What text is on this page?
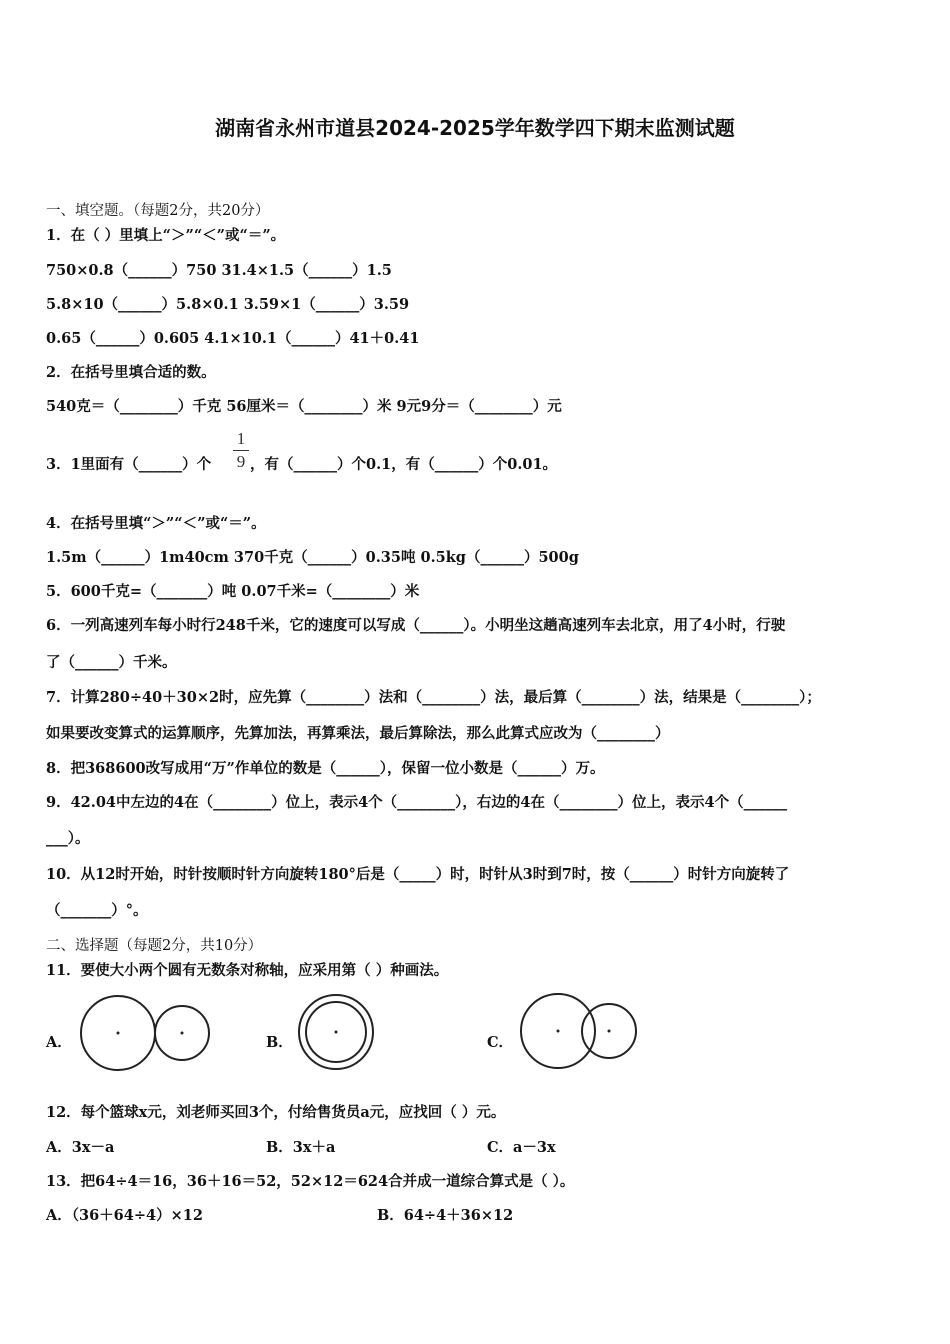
湖南省永州市道县2024-2025学年数学四下期末监测试题
一、填空题。（每题2分，共20分）
1．在（ ）里填上“＞”“＜”或“＝”。
750×0.8（______）750 31.4×1.5（______）1.5
5.8×10（______）5.8×0.1 3.59×1（______）3.59
0.65（______）0.605 4.1×10.1（______）41＋0.41
2．在括号里填合适的数。
540克＝（________）千克 56厘米＝（________）米 9元9分＝（________）元
3．1里面有（______）个
1
9 ，有（______）个0.1，有（______）个0.01。
4．在括号里填“＞”“＜”或“＝”。
1.5m（______）1m40cm 370千克（______）0.35吨 0.5kg（______）500g
5．600千克=（_______）吨 0.07千米=（________）米
6．一列高速列车每小时行248千米，它的速度可以写成（______）。小明坐这趟高速列车去北京，用了4小时，行驶
了（______）千米。
7．计算280÷40＋30×2时，应先算（________）法和（________）法，最后算（________）法，结果是（________）；
如果要改变算式的运算顺序，先算加法，再算乘法，最后算除法，那么此算式应改为（________）
8．把368600改写成用“万”作单位的数是（______），保留一位小数是（______）万。
9．42.04中左边的4在（________）位上，表示4个（________），右边的4在（________）位上，表示4个（______
___）。
10．从12时开始，时针按顺时针方向旋转180°后是（_____）时，时针从3时到7时，按（______）时针方向旋转了
（_______）°。
二、选择题（每题2分，共10分）
11．要使大小两个圆有无数条对称轴，应采用第（ ）种画法。
A．	B．	C．
12．每个篮球x元，刘老师买回3个，付给售货员a元，应找回（ ）元。
A．3x－a	B．3x＋a	C．a－3x
13．把64÷4＝16，36＋16＝52，52×12＝624合并成一道综合算式是（ ）。
A．（36＋64÷4）×12	B．64÷4＋36×12
